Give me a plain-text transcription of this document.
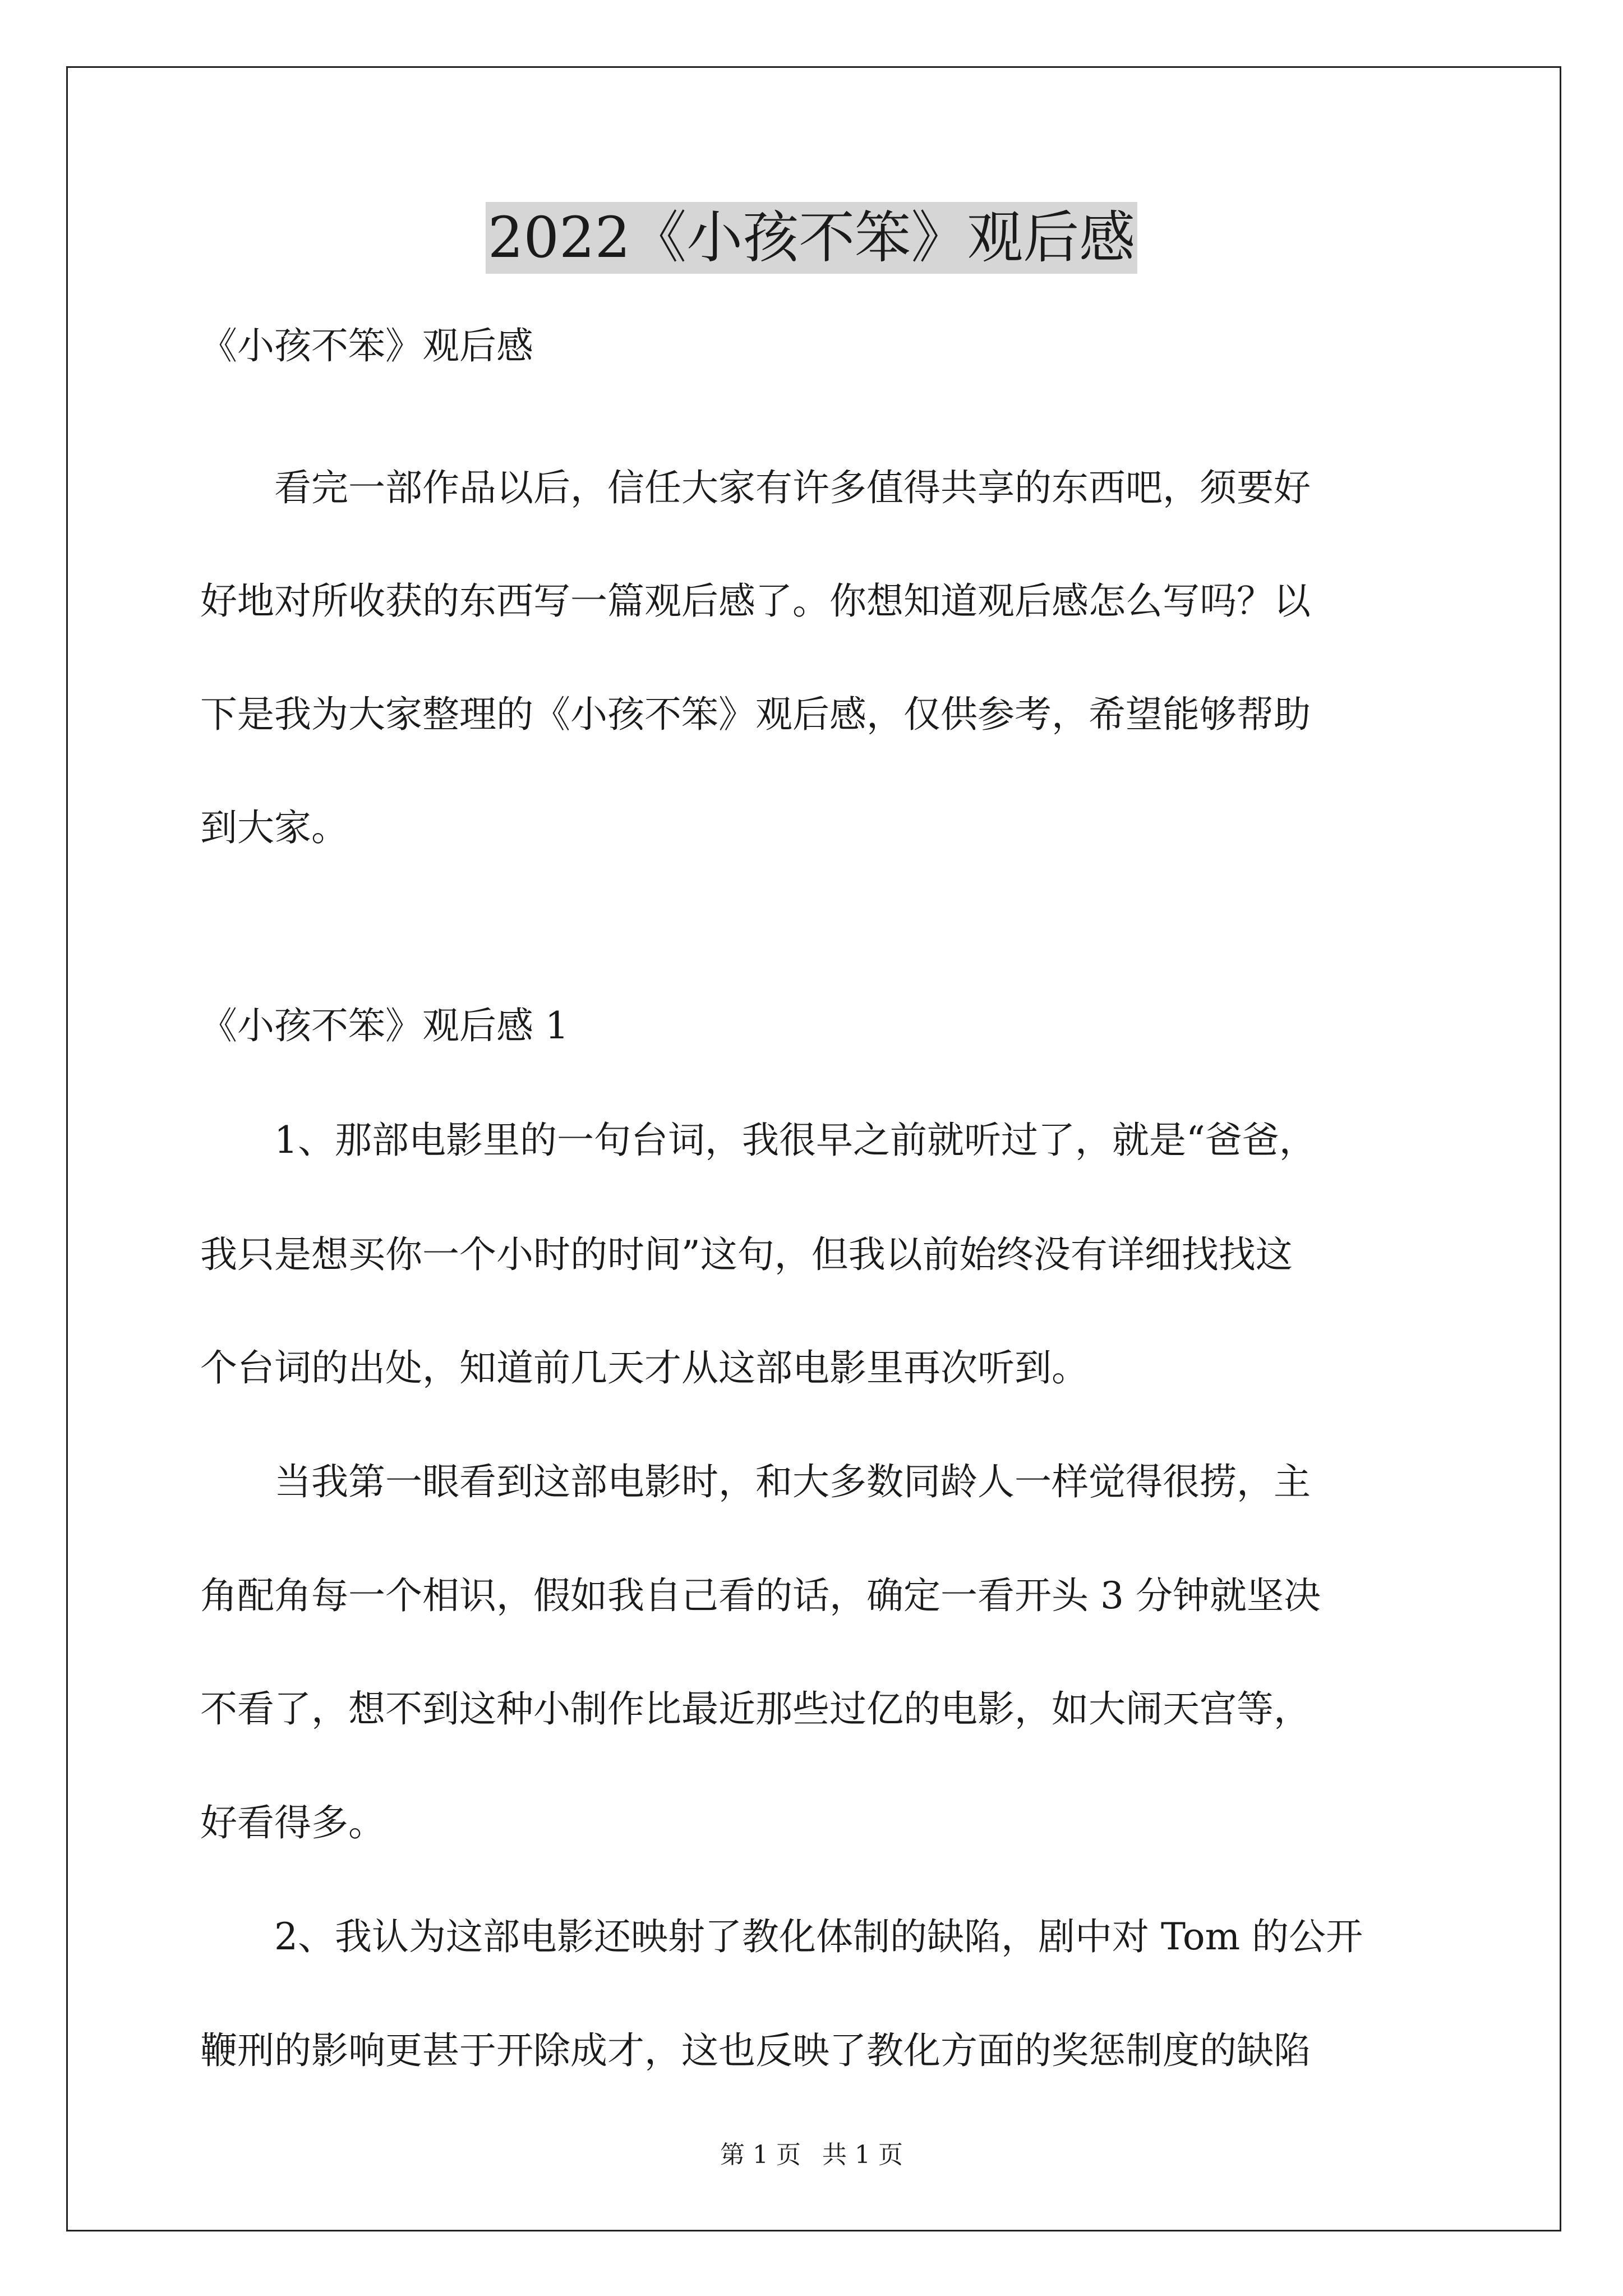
2022《小孩不笨》观后感
《小孩不笨》观后感
　　看完一部作品以后，信任大家有许多值得共享的东西吧，须要好
好地对所收获的东西写一篇观后感了。你想知道观后感怎么写吗？以
下是我为大家整理的《小孩不笨》观后感，仅供参考，希望能够帮助
到大家。
《小孩不笨》观后感 1
　　1、那部电影里的一句台词，我很早之前就听过了，就是“爸爸，
我只是想买你一个小时的时间”这句，但我以前始终没有详细找找这
个台词的出处，知道前几天才从这部电影里再次听到。
　　当我第一眼看到这部电影时，和大多数同龄人一样觉得很捞，主
角配角每一个相识，假如我自己看的话，确定一看开头 3 分钟就坚决
不看了，想不到这种小制作比最近那些过亿的电影，如大闹天宫等，
好看得多。
　　2、我认为这部电影还映射了教化体制的缺陷，剧中对 Tom 的公开
鞭刑的影响更甚于开除成才，这也反映了教化方面的奖惩制度的缺陷
第 1 页 共 1 页
